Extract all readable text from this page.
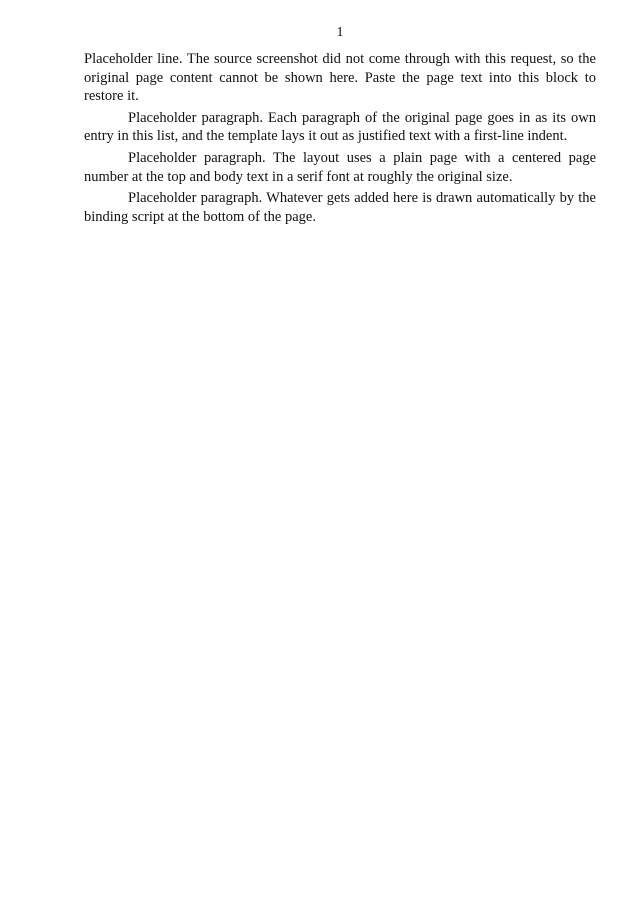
1

Placeholder line. The source screenshot did not come through with this request, so the original page content cannot be shown here. Paste the page text into this block to restore it.

Placeholder paragraph. Each paragraph of the original page goes in as its own entry in this list, and the template lays it out as justified text with a first-line indent.

Placeholder paragraph. The layout uses a plain page with a centered page number at the top and body text in a serif font at roughly the original size.

Placeholder paragraph. Whatever gets added here is drawn automatically by the binding script at the bottom of the page.
